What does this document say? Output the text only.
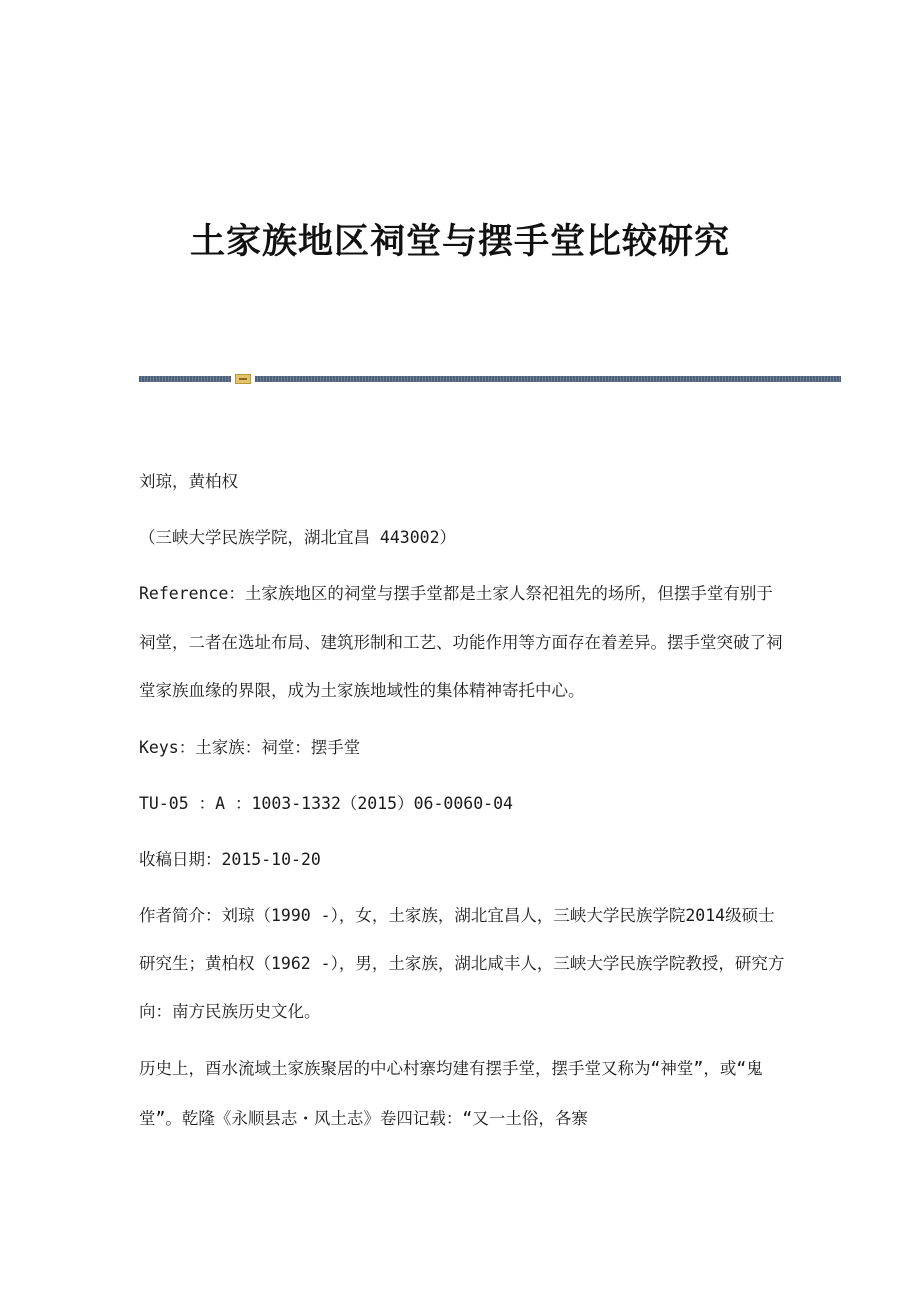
土家族地区祠堂与摆手堂比较研究

刘琼，黄柏权

（三峡大学民族学院，湖北宜昌 443002）

Reference：土家族地区的祠堂与摆手堂都是土家人祭祀祖先的场所，但摆手堂有别于祠堂，二者在选址布局、建筑形制和工艺、功能作用等方面存在着差异。摆手堂突破了祠堂家族血缘的界限，成为土家族地域性的集体精神寄托中心。

Keys：土家族：祠堂：摆手堂

TU-05 ：A ：1003-1332（2015）06-0060-04

收稿日期：2015-10-20

作者简介：刘琼（1990 -），女，土家族，湖北宜昌人，三峡大学民族学院2014级硕士研究生；黄柏权（1962 -），男，土家族，湖北咸丰人，三峡大学民族学院教授，研究方向：南方民族历史文化。

历史上，酉水流域土家族聚居的中心村寨均建有摆手堂，摆手堂又称为“神堂”，或“鬼堂”。乾隆《永顺县志・风土志》卷四记载：“又一土俗，各寨
